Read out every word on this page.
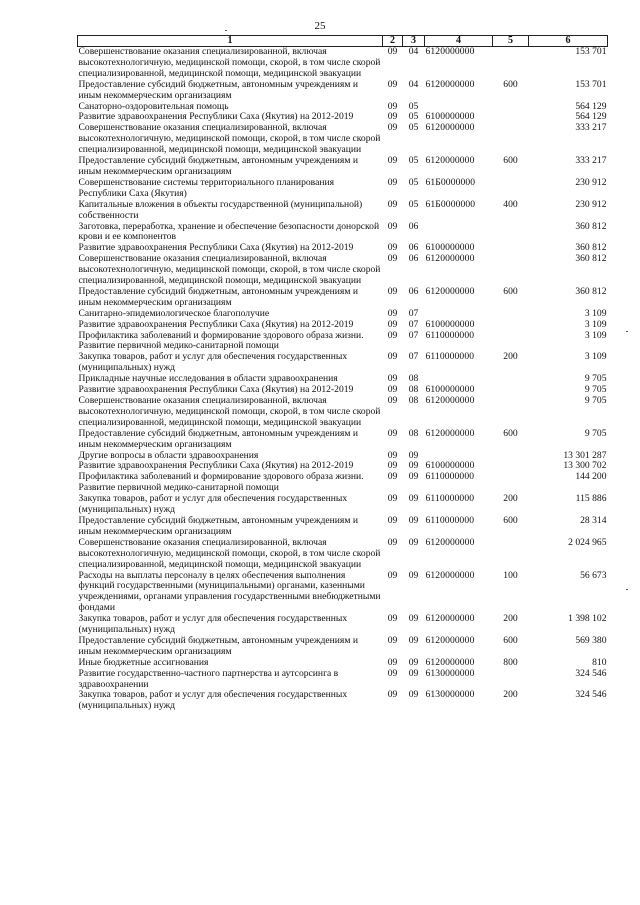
25
1	2	3	4	5	6
Совершенствование оказания специализированной, включая высокотехнологичную, медицинской помощи, скорой, в том числе скорой специализированной, медицинской помощи, медицинской эвакуации	09	04	6120000000		153 701
Предоставление субсидий бюджетным, автономным учреждениям и иным некоммерческим организациям	09	04	6120000000	600	153 701
Санаторно-оздоровительная помощь	09	05			564 129
Развитие здравоохранения Республики Саха (Якутия) на 2012-2019	09	05	6100000000		564 129
Совершенствование оказания специализированной, включая высокотехнологичную, медицинской помощи, скорой, в том числе скорой специализированной, медицинской помощи, медицинской эвакуации	09	05	6120000000		333 217
Предоставление субсидий бюджетным, автономным учреждениям и иным некоммерческим организациям	09	05	6120000000	600	333 217
Совершенствование системы территориального планирования Республики Саха (Якутия)	09	05	61Б0000000		230 912
Капитальные вложения в объекты государственной (муниципальной) собственности	09	05	61Б0000000	400	230 912
Заготовка, переработка, хранение и обеспечение безопасности донорской крови и ее компонентов	09	06			360 812
Развитие здравоохранения Республики Саха (Якутия) на 2012-2019	09	06	6100000000		360 812
Совершенствование оказания специализированной, включая высокотехнологичную, медицинской помощи, скорой, в том числе скорой специализированной, медицинской помощи, медицинской эвакуации	09	06	6120000000		360 812
Предоставление субсидий бюджетным, автономным учреждениям и иным некоммерческим организациям	09	06	6120000000	600	360 812
Санитарно-эпидемиологическое благополучие	09	07			3 109
Развитие здравоохранения Республики Саха (Якутия) на 2012-2019	09	07	6100000000		3 109
Профилактика заболеваний и формирование здорового образа жизни. Развитие первичной медико-санитарной помощи	09	07	6110000000		3 109
Закупка товаров, работ и услуг для обеспечения государственных (муниципальных) нужд	09	07	6110000000	200	3 109
Прикладные научные исследования в области здравоохранения	09	08			9 705
Развитие здравоохранения Республики Саха (Якутия) на 2012-2019	09	08	6100000000		9 705
Совершенствование оказания специализированной, включая высокотехнологичную, медицинской помощи, скорой, в том числе скорой специализированной, медицинской помощи, медицинской эвакуации	09	08	6120000000		9 705
Предоставление субсидий бюджетным, автономным учреждениям и иным некоммерческим организациям	09	08	6120000000	600	9 705
Другие вопросы в области здравоохранения	09	09			13 301 287
Развитие здравоохранения Республики Саха (Якутия) на 2012-2019	09	09	6100000000		13 300 702
Профилактика заболеваний и формирование здорового образа жизни. Развитие первичной медико-санитарной помощи	09	09	6110000000		144 200
Закупка товаров, работ и услуг для обеспечения государственных (муниципальных) нужд	09	09	6110000000	200	115 886
Предоставление субсидий бюджетным, автономным учреждениям и иным некоммерческим организациям	09	09	6110000000	600	28 314
Совершенствование оказания специализированной, включая высокотехнологичную, медицинской помощи, скорой, в том числе скорой специализированной, медицинской помощи, медицинской эвакуации	09	09	6120000000		2 024 965
Расходы на выплаты персоналу в целях обеспечения выполнения функций государственными (муниципальными) органами, казенными учреждениями, органами управления государственными внебюджетными фондами	09	09	6120000000	100	56 673
Закупка товаров, работ и услуг для обеспечения государственных (муниципальных) нужд	09	09	6120000000	200	1 398 102
Предоставление субсидий бюджетным, автономным учреждениям и иным некоммерческим организациям	09	09	6120000000	600	569 380
Иные бюджетные ассигнования	09	09	6120000000	800	810
Развитие государственно-частного партнерства и аутсорсинга в здравоохранении	09	09	6130000000		324 546
Закупка товаров, работ и услуг для обеспечения государственных (муниципальных) нужд	09	09	6130000000	200	324 546
